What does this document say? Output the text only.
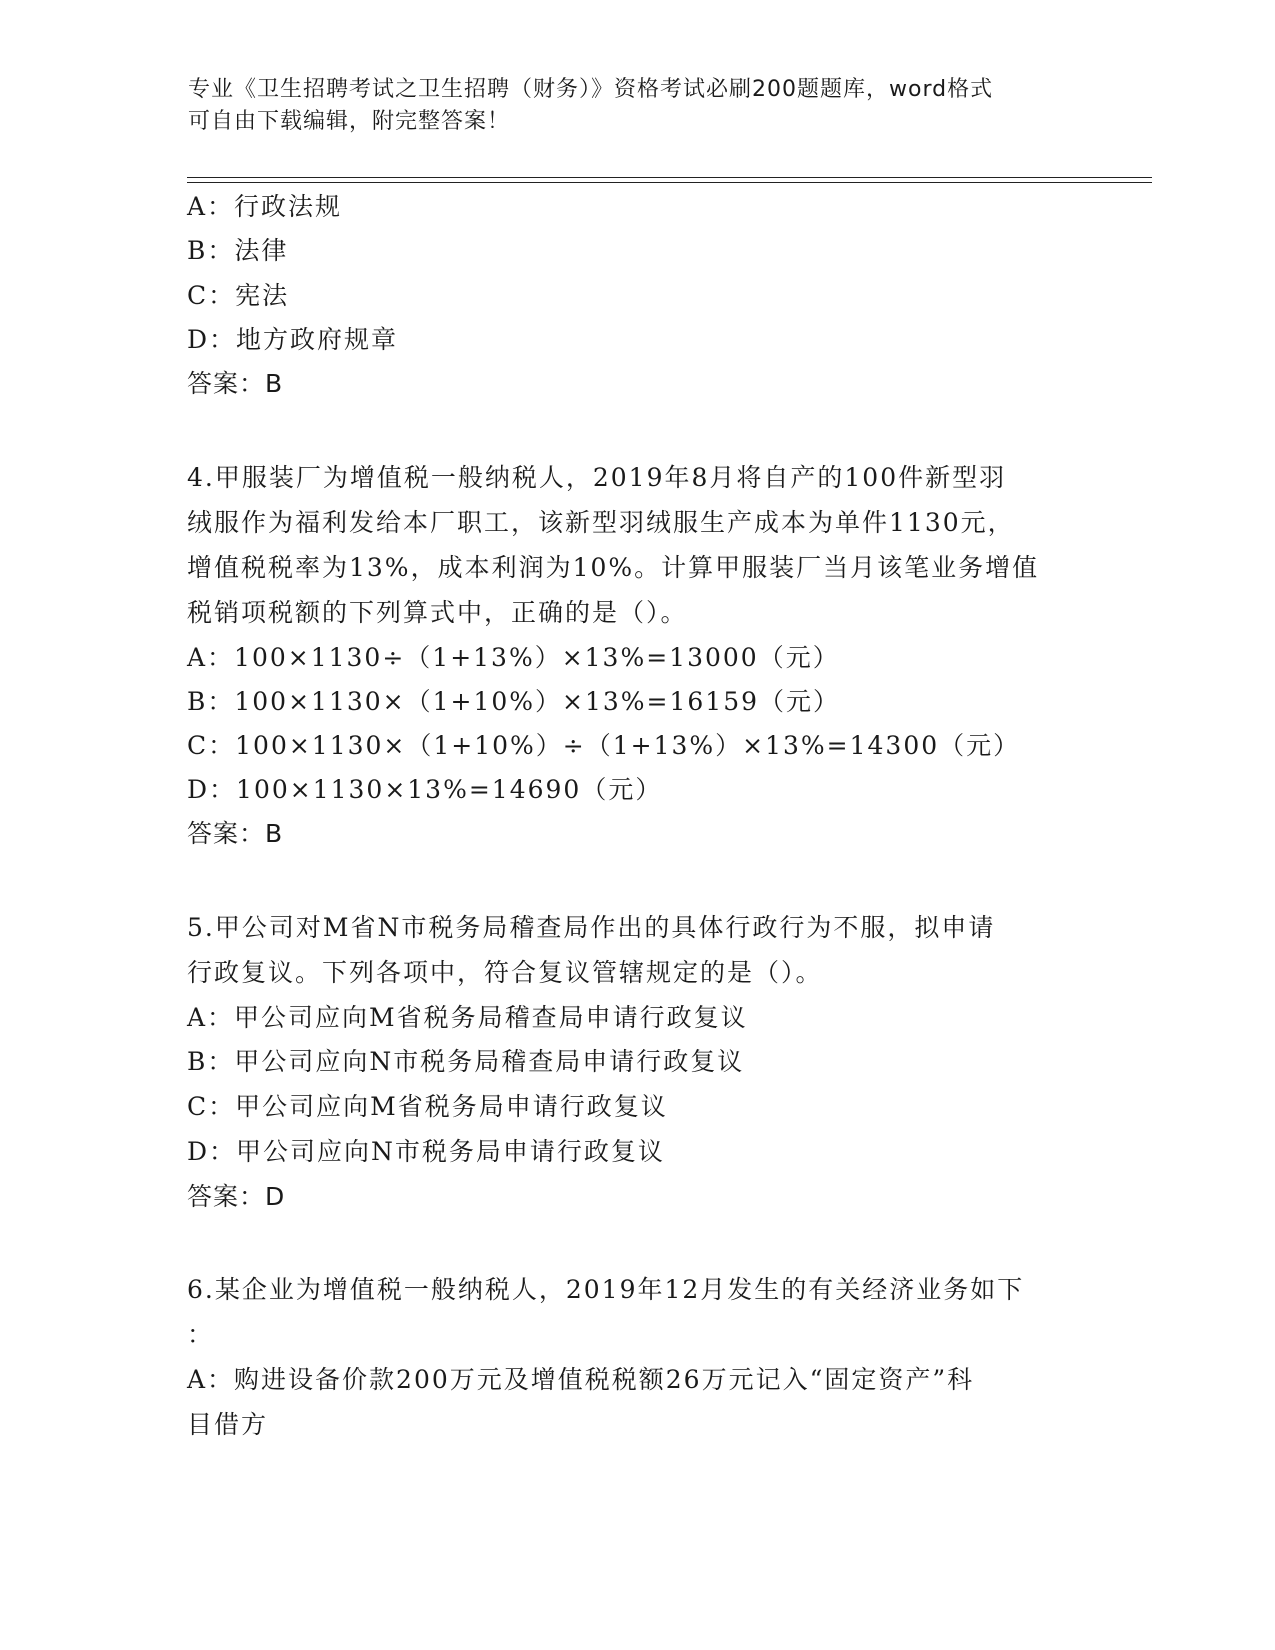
专业《卫生招聘考试之卫生招聘（财务）》资格考试必刷200题题库，word格式
可自由下载编辑，附完整答案！
A：行政法规
B：法律
C：宪法
D：地方政府规章
答案：B
4.甲服装厂为增值税一般纳税人，2019年8月将自产的100件新型羽
绒服作为福利发给本厂职工，该新型羽绒服生产成本为单件1130元，
增值税税率为13%，成本利润为10%。计算甲服装厂当月该笔业务增值
税销项税额的下列算式中，正确的是（）。
A：100×1130÷（1+13%）×13%=13000（元）
B：100×1130×（1+10%）×13%=16159（元）
C：100×1130×（1+10%）÷（1+13%）×13%=14300（元）
D：100×1130×13%=14690（元）
答案：B
5.甲公司对M省N市税务局稽查局作出的具体行政行为不服，拟申请
行政复议。下列各项中，符合复议管辖规定的是（）。
A：甲公司应向M省税务局稽查局申请行政复议
B：甲公司应向N市税务局稽查局申请行政复议
C：甲公司应向M省税务局申请行政复议
D：甲公司应向N市税务局申请行政复议
答案：D
6.某企业为增值税一般纳税人，2019年12月发生的有关经济业务如下
：
A：购进设备价款200万元及增值税税额26万元记入“固定资产”科
目借方
